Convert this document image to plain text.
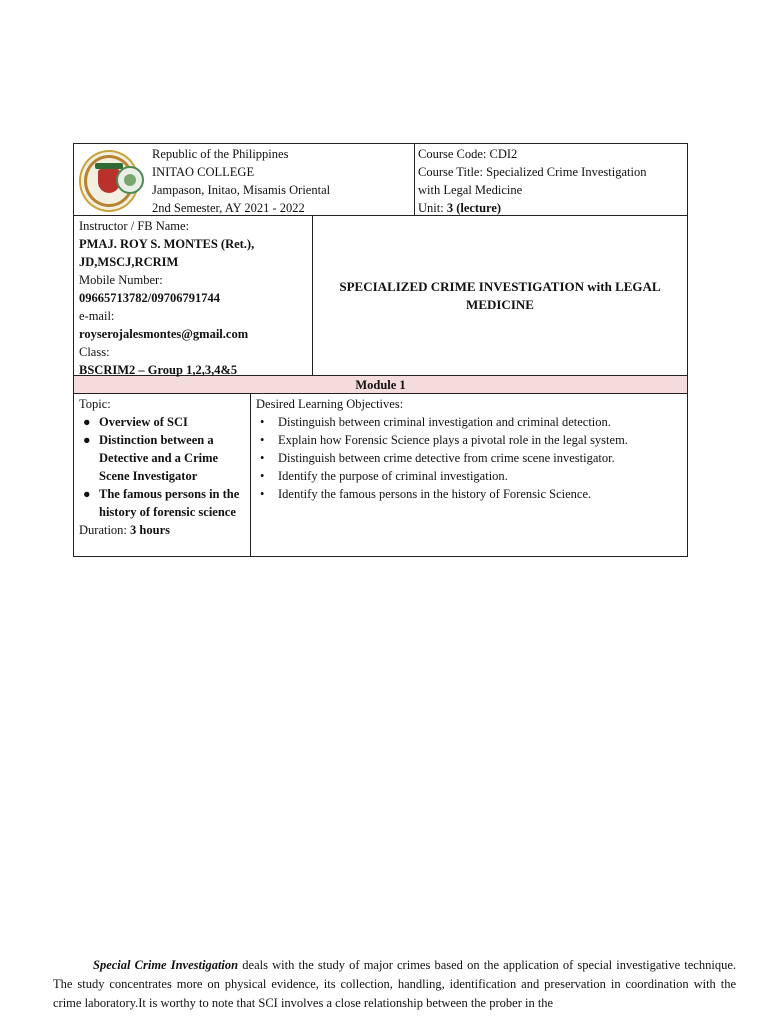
Republic of the Philippines
INITAO COLLEGE
Jampason, Initao, Misamis Oriental
2nd Semester, AY 2021 - 2022
Course Code: CDI2
Course Title: Specialized Crime Investigation
with Legal Medicine
Unit: 3 (lecture)
Instructor / FB Name:
PMAJ. ROY S. MONTES (Ret.),
JD,MSCJ,RCRIM
Mobile Number:
09665713782/09706791744
e-mail:
royserojalesmontes@gmail.com
Class:
BSCRIM2 – Group 1,2,3,4&5
SPECIALIZED CRIME INVESTIGATION with LEGAL MEDICINE
Module 1
Topic:
● Overview of SCI
● Distinction between a Detective and a Crime Scene Investigator
● The famous persons in the history of forensic science
Duration: 3 hours
Desired Learning Objectives:
• Distinguish between criminal investigation and criminal detection.
• Explain how Forensic Science plays a pivotal role in the legal system.
• Distinguish between crime detective from crime scene investigator.
• Identify the purpose of criminal investigation.
• Identify the famous persons in the history of Forensic Science.

Special Crime Investigation deals with the study of major crimes based on the application of special investigative technique. The study concentrates more on physical evidence, its collection, handling, identification and preservation in coordination with the crime laboratory.It is worthy to note that SCI involves a close relationship between the prober in the
